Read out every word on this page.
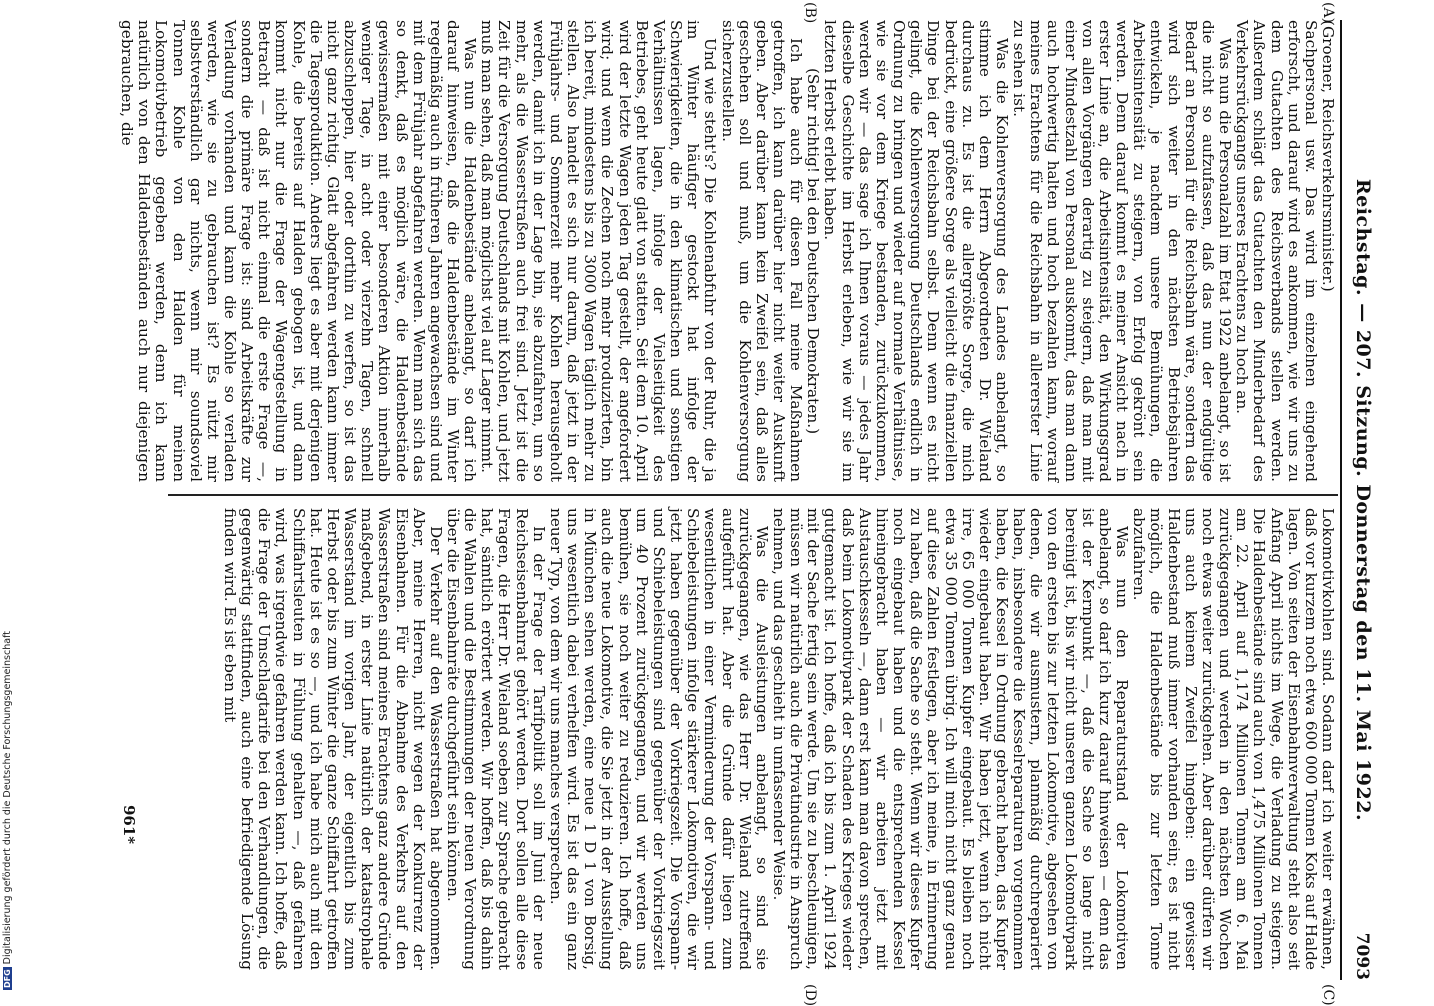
DFGDigitalisierung gefördert durch die Deutsche Forschungsgemeinschaft	Reichstag. — 207. Sitzung. Donnerstag den 11. Mai 1922.
7093
(A)
(B)
(C)
(D)

(Groener, Reichsverkehrsminister.)

Sachpersonal usw. Das wird im einzelnen eingehend erforscht, und darauf wird es ankommen, wie wir uns zu dem Gutachten des Reichsverbands stellen werden. Außerdem schlägt das Gutachten den Minderbedarf des Verkehrsrückgangs unseres Erachtens zu hoch an.

Was nun die Personalzahl im Etat 1922 anbelangt, so ist die nicht so aufzufassen, daß das nun der endgültige Bedarf an Personal für die Reichsbahn wäre, sondern das wird sich weiter in den nächsten Betriebsjahren entwickeln, je nachdem unsere Bemühungen, die Arbeitsintensität zu steigern, von Erfolg gekrönt sein werden. Denn darauf kommt es meiner Ansicht nach in erster Linie an, die Arbeitsintensität, den Wirkungsgrad von allen Vorgängen derartig zu steigern, daß man mit einer Mindestzahl von Personal auskommt, das man dann auch hochwertig halten und hoch bezahlen kann, worauf meines Erachtens für die Reichsbahn in allererster Linie zu sehen ist.

Was die Kohlenversorgung des Landes anbelangt, so stimme ich dem Herrn Abgeordneten Dr. Wieland durchaus zu. Es ist die allergrößte Sorge, die mich bedrückt, eine größere Sorge als vielleicht die finanziellen Dinge bei der Reichsbahn selbst. Denn wenn es nicht gelingt, die Kohlenversorgung Deutschlands endlich in Ordnung zu bringen und wieder auf normale Verhältnisse, wie sie vor dem Kriege bestanden, zurückzukommen, werden wir — das sage ich Ihnen voraus — jedes Jahr dieselbe Geschichte im Herbst erleben, wie wir sie im letzten Herbst erlebt haben.

(Sehr richtig! bei den Deutschen Demokraten.)

Ich habe auch für diesen Fall meine Maßnahmen getroffen, ich kann darüber hier nicht weiter Auskunft geben. Aber darüber kann kein Zweifel sein, daß alles geschehen soll und muß, um die Kohlenversorgung sicherzustellen.

Und wie steht's? Die Kohlenabfuhr von der Ruhr, die ja im Winter häufiger gestockt hat infolge der Schwierigkeiten, die in den klimatischen und sonstigen Verhältnissen lagen, infolge der Vielseitigkeit des Betriebes, geht heute glatt von statten. Seit dem 10. April wird der letzte Wagen jeden Tag gestellt, der angefordert wird; und wenn die Zechen noch mehr produzierten, bin ich bereit, mindestens bis zu 3000 Wagen täglich mehr zu stellen. Also handelt es sich nur darum, daß jetzt in der Frühjahrs- und Sommerzeit mehr Kohlen herausgeholt werden, damit ich in der Lage bin, sie abzufahren, um so mehr, als die Wasserstraßen auch frei sind. Jetzt ist die Zeit für die Versorgung Deutschlands mit Kohlen, und jetzt muß man sehen, daß man möglichst viel auf Lager nimmt.

Was nun die Haldenbestände anbelangt, so darf ich darauf hinweisen, daß die Haldenbestände im Winter regelmäßig auch in früheren Jahren angewachsen sind und mit dem Frühjahr abgefahren werden. Wenn man sich das so denkt, daß es möglich wäre, die Haldenbestände gewissermaßen mit einer besonderen Aktion innerhalb weniger Tage, in acht oder vierzehn Tagen, schnell abzuschleppen, hier oder dorthin zu werfen, so ist das nicht ganz richtig. Glatt abgefahren werden kann immer die Tagesproduktion. Anders liegt es aber mit derjenigen Kohle, die bereits auf Halden gebogen ist, und dann kommt nicht nur die Frage der Wagengestellung in Betracht — daß ist nicht einmal die erste Frage —, sondern die primäre Frage ist: sind Arbeitskräfte zur Verladung vorhanden und kann die Kohle so verladen werden, wie sie zu gebrauchen ist? Es nützt mir selbstverständlich gar nichts, wenn mir soundsoviel Tonnen Kohle von den Halden für meinen Lokomotivbetrieb gegeben werden, denn ich kann natürlich von den Haldenbeständen auch nur diejenigen gebrauchen, die

Lokomotivkohlen sind. Sodann darf ich weiter erwähnen, daß vor kurzem noch etwa 600 000 Tonnen Koks auf Halde lagen. Von seiten der Eisenbahnverwaltung steht also seit Anfang April nichts im Wege, die Verladung zu steigern. Die Haldenbestände sind auch von 1,475 Millionen Tonnen am 22. April auf 1,174 Millionen Tonnen am 6. Mai zurückgegangen und werden in den nächsten Wochen noch etwas weiter zurückgehen. Aber darüber dürfen wir uns auch keinem Zweifel hingeben: ein gewisser Haldenbestand muß immer vorhanden sein; es ist nicht möglich, die Haldenbestände bis zur letzten Tonne abzufahren.

Was nun den Reparaturstand der Lokomotiven anbelangt, so darf ich kurz darauf hinweisen — denn das ist der Kernpunkt —, daß die Sache so lange nicht bereinigt ist, bis wir nicht unseren ganzen Lokomotivpark von den ersten bis zur letzten Lokomotive, abgesehen von denen, die wir ausmustern, planmäßig durchrepariert haben, insbesondere die Kesselreparaturen vorgenommen haben, die Kessel in Ordnung gebracht haben, das Kupfer wieder eingebaut haben. Wir haben jetzt, wenn ich nicht irre, 65 000 Tonnen Kupfer eingebaut. Es bleiben noch etwa 35 000 Tonnen übrig. Ich will mich nicht ganz genau auf diese Zahlen festlegen, aber ich meine, in Erinnerung zu haben, daß die Sache so steht. Wenn wir dieses Kupfer noch eingebaut haben und die entsprechenden Kessel hineingebracht haben — wir arbeiten jetzt mit Austauschkesseln —, dann erst kann man davon sprechen, daß beim Lokomotivpark der Schaden des Krieges wieder gutgemacht ist. Ich hoffe, daß ich bis zum 1. April 1924 mit der Sache fertig sein werde. Um sie zu beschleunigen, müssen wir natürlich auch die Privatindustrie in Anspruch nehmen, und das geschieht in umfassender Weise.

Was die Ausleistungen anbelangt, so sind sie zurückgegangen, wie das Herr Dr. Wieland zutreffend aufgeführt hat. Aber die Gründe dafür liegen zum wesentlichen in einer Verminderung der Vorspann- und Schiebeleistungen infolge stärkerer Lokomotiven, die wir jetzt haben gegenüber der Vorkriegszeit. Die Vorspann- und Schiebeleistungen sind gegenüber der Vorkriegszeit um 40 Prozent zurückgegangen, und wir werden uns bemühen, sie noch weiter zu reduzieren. Ich hoffe, daß auch die neue Lokomotive, die Sie jetzt in der Ausstellung in München sehen werden, eine neue 1 D 1 von Borsig, uns wesentlich dabei verhelfen wird. Es ist das ein ganz neuer Typ, von dem wir uns manches versprechen.

In der Frage der Tarifpolitik soll im Juni der neue Reichseisenbahnrat gehört werden. Dort sollen alle diese Fragen, die Herr Dr. Wieland soeben zur Sprache gebracht hat, sämtlich erörtert werden. Wir hoffen, daß bis dahin die Wahlen und die Bestimmungen der neuen Verordnung über die Eisenbahnräte durchgeführt sein können.

Der Verkehr auf den Wasserstraßen hat abgenommen. Aber, meine Herren, nicht wegen der Konkurrenz der Eisenbahnen. Für die Abnahme des Verkehrs auf den Wasserstraßen sind meines Erachtens ganz andere Gründe maßgebend, in erster Linie natürlich der katastrophale Wasserstand im vorigen Jahr, der eigentlich bis zum Herbst oder bis zum Winter die ganze Schiffahrt getroffen hat. Heute ist es so —, und ich habe mich auch mit den Schiffahrtsleuten in Fühlung gehalten —, daß gefahren wird, was irgendwie gefahren werden kann. Ich hoffe, daß die Frage der Umschlagtarife bei den Verhandlungen, die gegenwärtig stattfinden, auch eine befriedigende Lösung finden wird. Es ist eben mit

961*
